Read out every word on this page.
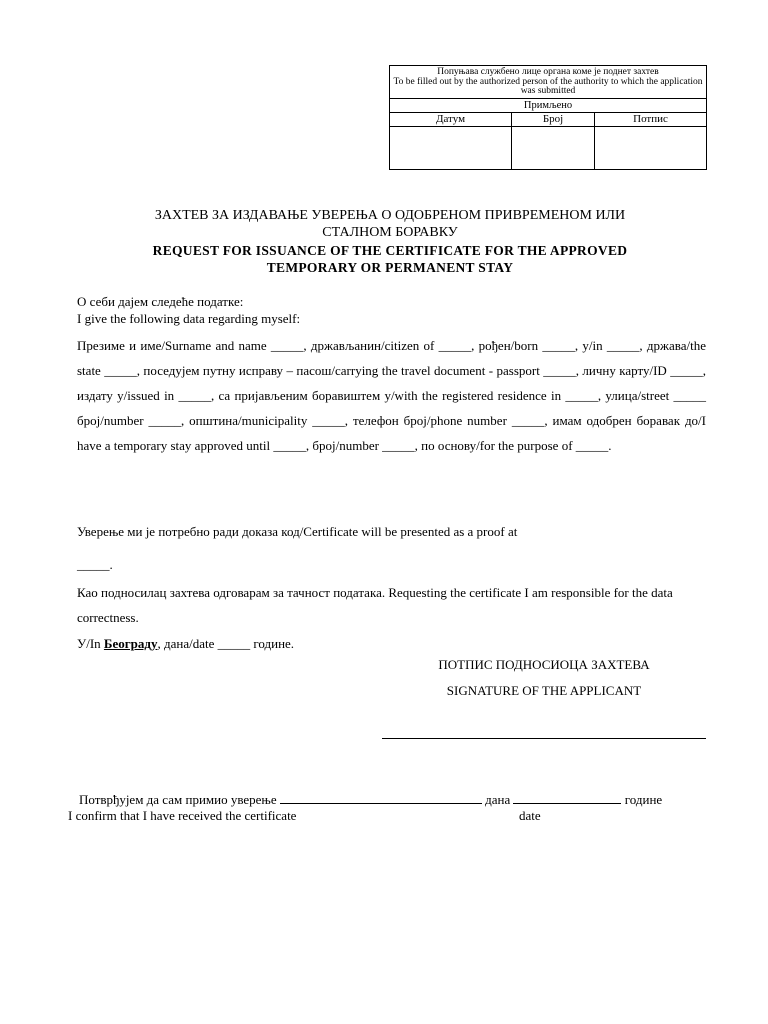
Попуњава службено лице органа коме је поднет захтев
To be filled out by the authorized person of the authority to which the application was submitted		

Примљено		
Датум	Број	Потпис

ЗАХТЕВ ЗА ИЗДАВАЊЕ УВЕРЕЊА О ОДОБРЕНОМ ПРИВРЕМЕНОМ ИЛИ
СТАЛНОМ БОРАВКУ
REQUEST FOR ISSUANCE OF THE CERTIFICATE FOR THE APPROVED
TEMPORARY OR PERMANENT STAY
О себи дајем следеће податке:
I give the following data regarding myself:
Презиме и име/Surname and name _____, држављанин/citizen of _____, рођен/born _____, у/in _____, држава/the state _____, поседујем путну исправу – пасош/carrying the travel document - passport _____, личну карту/ID _____, издату у/issued in _____, са пријављеним боравиштем у/with the registered residence in _____, улица/street _____ број/number _____, општина/municipality _____, телефон број/phone number _____, имам одобрен боравак до/I have a temporary stay approved until _____, број/number _____, по основу/for the purpose of _____.
Уверење ми је потребно ради доказа код/Certificate will be presented as a proof at
_____.
Као подносилац захтева одговарам за тачност података. Requesting the certificate I am responsible for the data correctness.
У/In Београду, дана/date _____ године.
ПОТПИС ПОДНОСИОЦА ЗАХТЕВА
SIGNATURE OF THE APPLICANT
Потврђујем да сам примио уверење	дана	године
I confirm that I have received the certificate	date
